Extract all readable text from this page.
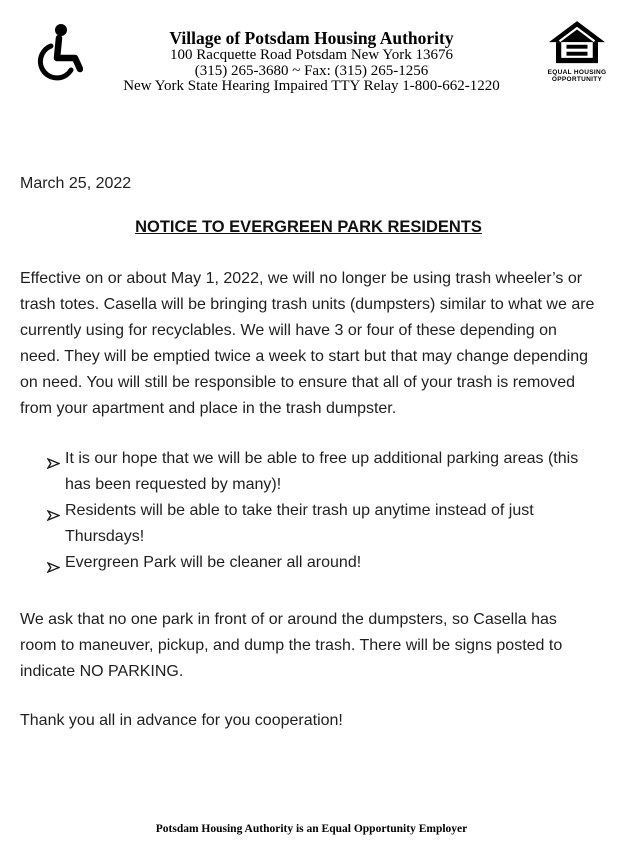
Village of Potsdam Housing Authority
100 Racquette Road Potsdam New York 13676
(315) 265-3680 ~ Fax: (315) 265-1256
New York State Hearing Impaired TTY Relay 1-800-662-1220
EQUAL HOUSING
OPPORTUNITY
March 25, 2022
NOTICE TO EVERGREEN PARK RESIDENTS

Effective on or about May 1, 2022, we will no longer be using trash wheeler’s or trash totes. Casella will be bringing trash units (dumpsters) similar to what we are currently using for recyclables. We will have 3 or four of these depending on need. They will be emptied twice a week to start but that may change depending on need. You will still be responsible to ensure that all of your trash is removed from your apartment and place in the trash dumpster.

It is our hope that we will be able to free up additional parking areas (this has been requested by many)!
Residents will be able to take their trash up anytime instead of just Thursdays!
Evergreen Park will be cleaner all around!

We ask that no one park in front of or around the dumpsters, so Casella has room to maneuver, pickup, and dump the trash. There will be signs posted to indicate NO PARKING.

Thank you all in advance for you cooperation!

Potsdam Housing Authority is an Equal Opportunity Employer
